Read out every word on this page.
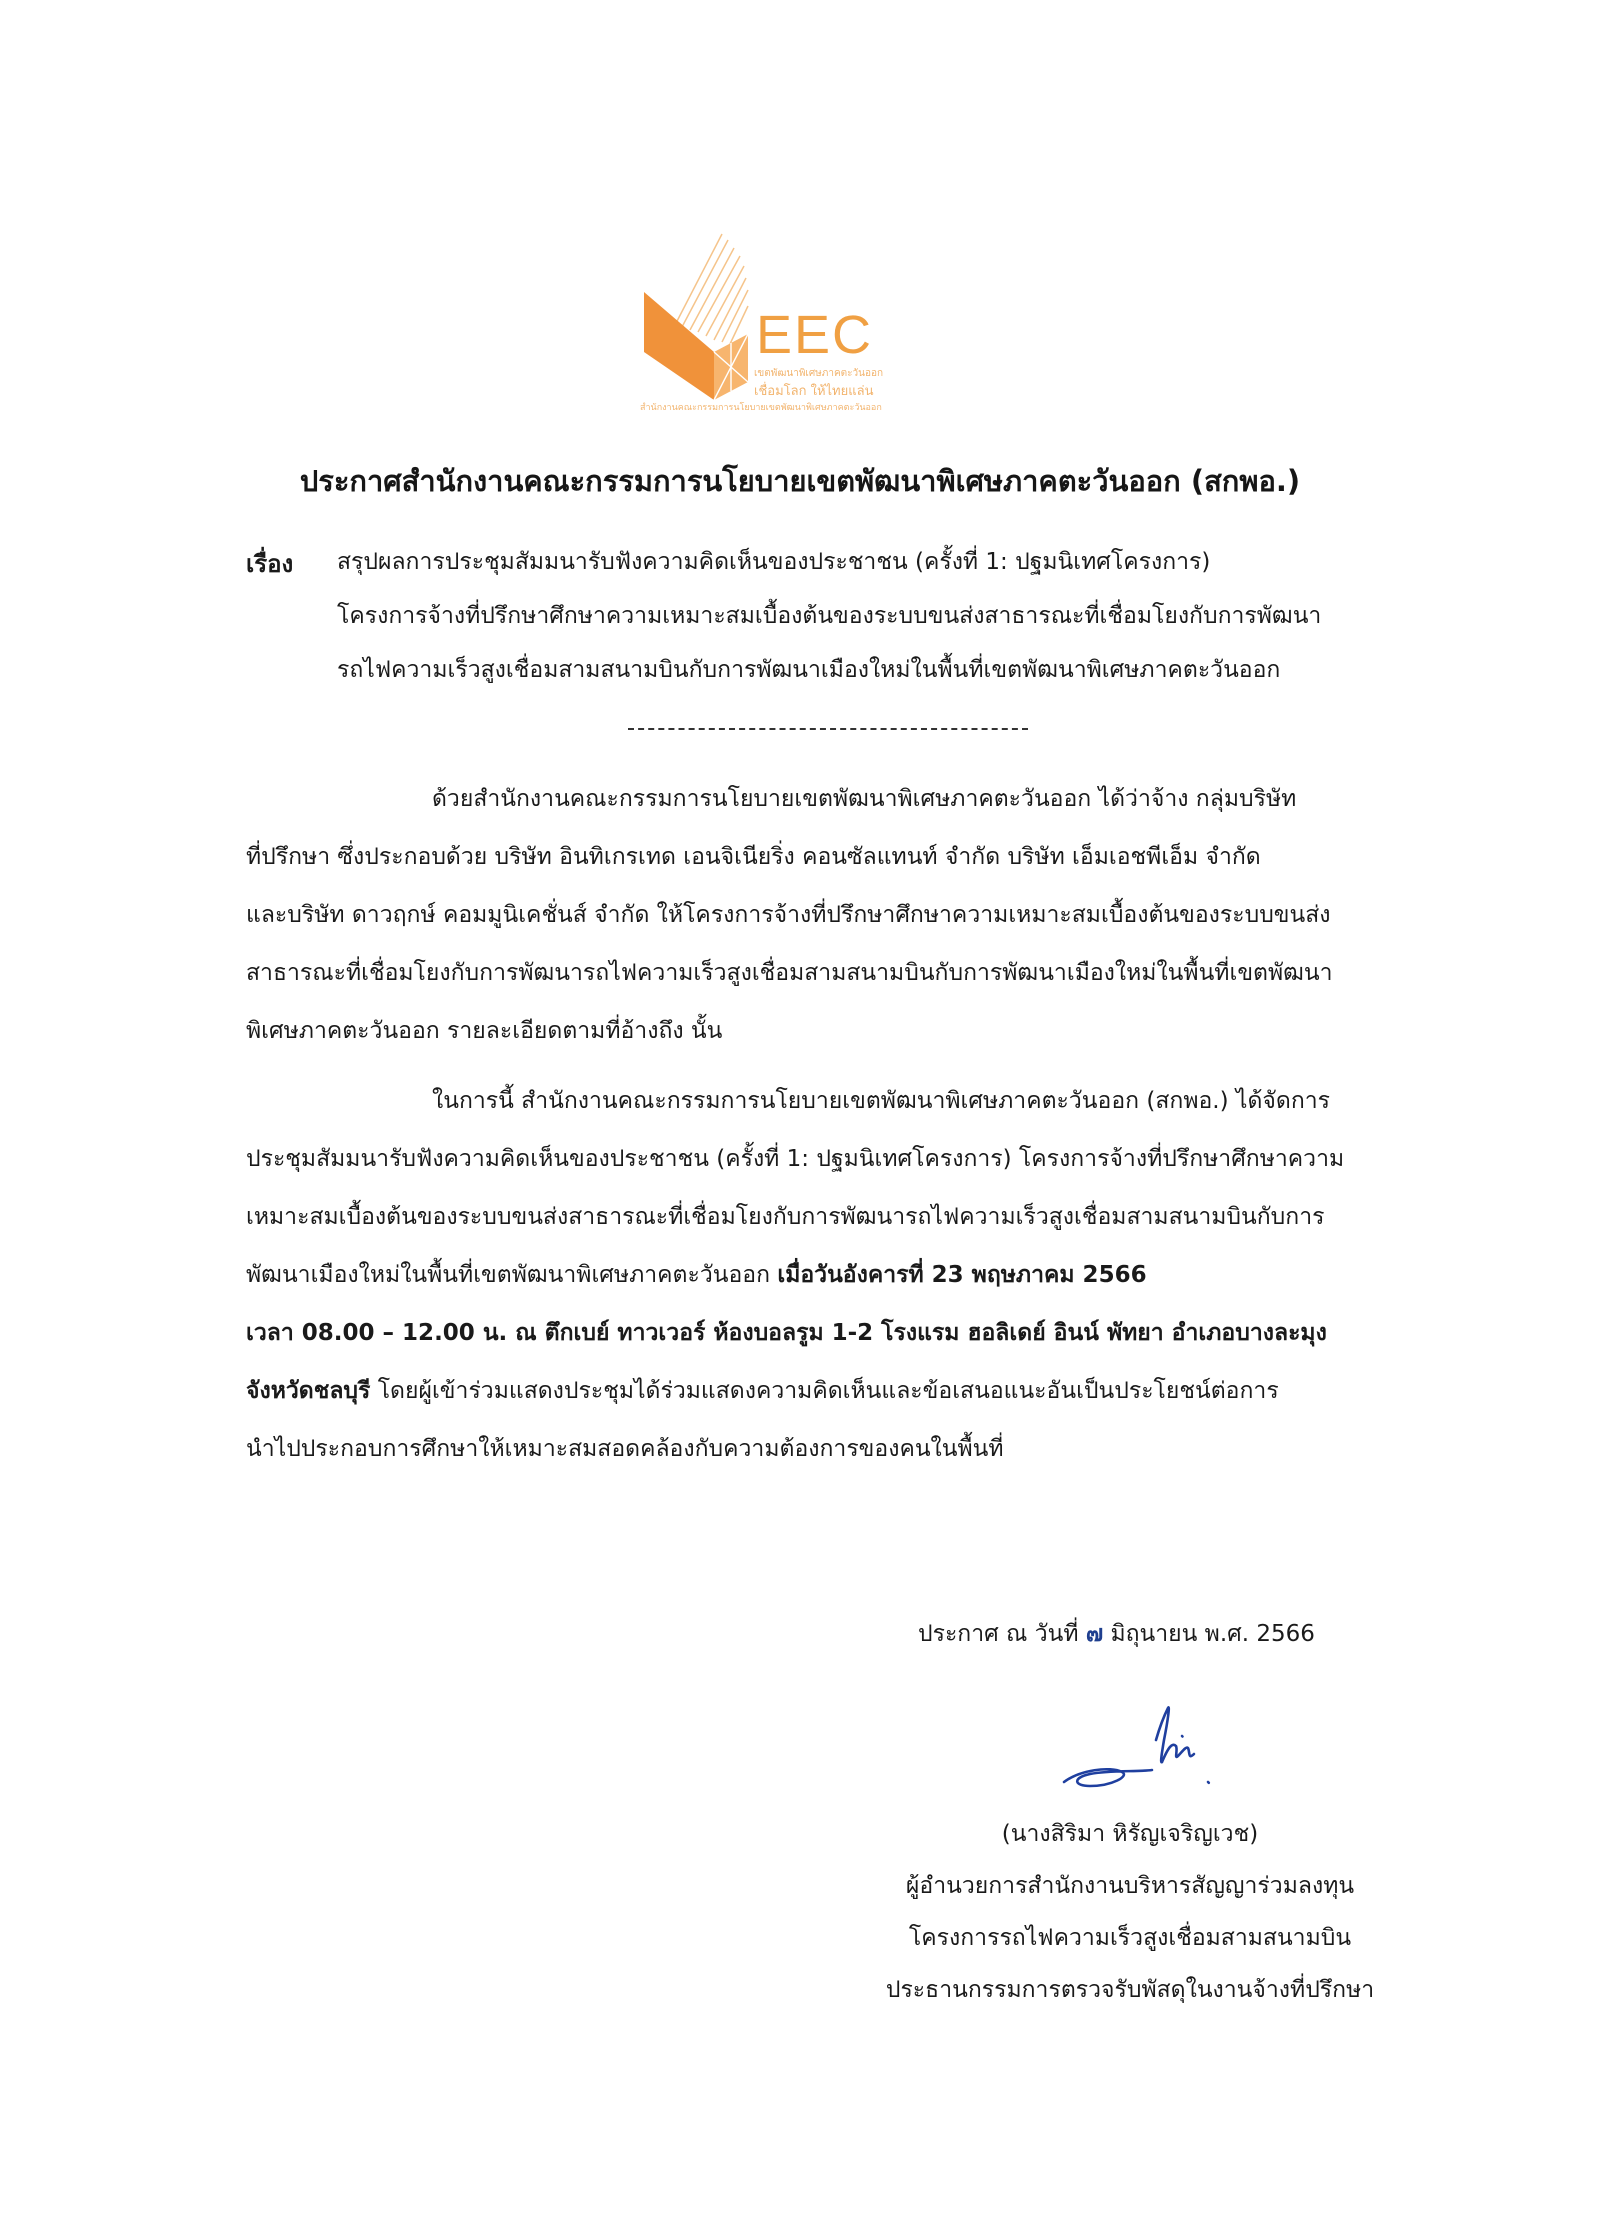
EEC
เขตพัฒนาพิเศษภาคตะวันออก
เชื่อมโลก ให้ไทยแล่น
สำนักงานคณะกรรมการนโยบายเขตพัฒนาพิเศษภาคตะวันออก
ประกาศสำนักงานคณะกรรมการนโยบายเขตพัฒนาพิเศษภาคตะวันออก (สกพอ.)
เรื่อง สรุปผลการประชุมสัมมนารับฟังความคิดเห็นของประชาชน (ครั้งที่ 1: ปฐมนิเทศโครงการ)
โครงการจ้างที่ปรึกษาศึกษาความเหมาะสมเบื้องต้นของระบบขนส่งสาธารณะที่เชื่อมโยงกับการพัฒนา
รถไฟความเร็วสูงเชื่อมสามสนามบินกับการพัฒนาเมืองใหม่ในพื้นที่เขตพัฒนาพิเศษภาคตะวันออก
ด้วยสำนักงานคณะกรรมการนโยบายเขตพัฒนาพิเศษภาคตะวันออก ได้ว่าจ้าง กลุ่มบริษัท
ที่ปรึกษา ซึ่งประกอบด้วย บริษัท อินทิเกรเทด เอนจิเนียริ่ง คอนซัลแทนท์ จำกัด บริษัท เอ็มเอชพีเอ็ม จำกัด
และบริษัท ดาวฤกษ์ คอมมูนิเคชั่นส์ จำกัด ให้โครงการจ้างที่ปรึกษาศึกษาความเหมาะสมเบื้องต้นของระบบขนส่ง
สาธารณะที่เชื่อมโยงกับการพัฒนารถไฟความเร็วสูงเชื่อมสามสนามบินกับการพัฒนาเมืองใหม่ในพื้นที่เขตพัฒนา
พิเศษภาคตะวันออก รายละเอียดตามที่อ้างถึง นั้น
ในการนี้ สำนักงานคณะกรรมการนโยบายเขตพัฒนาพิเศษภาคตะวันออก (สกพอ.) ได้จัดการ
ประชุมสัมมนารับฟังความคิดเห็นของประชาชน (ครั้งที่ 1: ปฐมนิเทศโครงการ) โครงการจ้างที่ปรึกษาศึกษาความ
เหมาะสมเบื้องต้นของระบบขนส่งสาธารณะที่เชื่อมโยงกับการพัฒนารถไฟความเร็วสูงเชื่อมสามสนามบินกับการ
พัฒนาเมืองใหม่ในพื้นที่เขตพัฒนาพิเศษภาคตะวันออก เมื่อวันอังคารที่ 23 พฤษภาคม 2566
เวลา 08.00 – 12.00 น. ณ ตึกเบย์ ทาวเวอร์ ห้องบอลรูม 1-2 โรงแรม ฮอลิเดย์ อินน์ พัทยา อำเภอบางละมุง
จังหวัดชลบุรี โดยผู้เข้าร่วมแสดงประชุมได้ร่วมแสดงความคิดเห็นและข้อเสนอแนะอันเป็นประโยชน์ต่อการ
นำไปประกอบการศึกษาให้เหมาะสมสอดคล้องกับความต้องการของคนในพื้นที่
ประกาศ ณ วันที่ ๗ มิถุนายน พ.ศ. 2566
(นางสิริมา หิรัญเจริญเวช)
ผู้อำนวยการสำนักงานบริหารสัญญาร่วมลงทุน
โครงการรถไฟความเร็วสูงเชื่อมสามสนามบิน
ประธานกรรมการตรวจรับพัสดุในงานจ้างที่ปรึกษา
